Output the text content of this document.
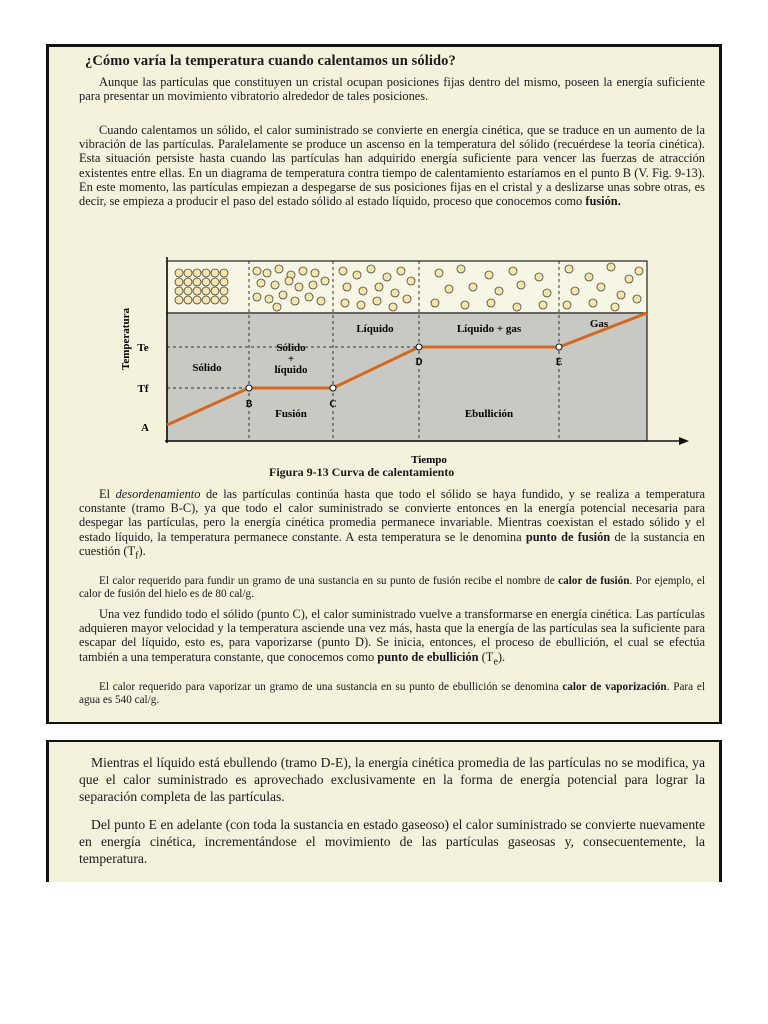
¿Cómo varía la temperatura cuando calentamos un sólido?
Aunque las partículas que constituyen un cristal ocupan posiciones fijas dentro del mismo, poseen la energía suficiente para presentar un movimiento vibratorio alrededor de tales posiciones.
Cuando calentamos un sólido, el calor suministrado se convierte en energía cinética, que se traduce en un aumento de la vibración de las partículas. Paralelamente se produce un ascenso en la temperatura del sólido (recuérdese la teoría cinética). Esta situación persiste hasta cuando las partículas han adquirido energía suficiente para vencer las fuerzas de atracción existentes entre ellas. En un diagrama de temperatura contra tiempo de calentamiento estaríamos en el punto B (V. Fig. 9-13). En este momento, las partículas empiezan a despegarse de sus posiciones fijas en el cristal y a deslizarse unas sobre otras, es decir, se empieza a producir el paso del estado sólido al estado líquido, proceso que conocemos como fusión.
Temperatura
Tiempo
Te
Tf
A
B	C
D	E
Sólido
Sólido
+
líquido
Líquido	Líquido + gas	Gas
Fusión	Ebullición
Figura 9-13 Curva de calentamiento
El desordenamiento de las partículas continúa hasta que todo el sólido se haya fundido, y se realiza a temperatura constante (tramo B-C), ya que todo el calor suministrado se convierte entonces en la energía potencial necesaria para despegar las partículas, pero la energía cinética promedia permanece invariable. Mientras coexistan el estado sólido y el estado líquido, la temperatura permanece constante. A esta temperatura se le denomina punto de fusión de la sustancia en cuestión $(T_f)$.
El calor requerido para fundir un gramo de una sustancia en su punto de fusión recibe el nombre de calor de fusión. Por ejemplo, el calor de fusión del hielo es de 80 cal/g.
Una vez fundido todo el sólido (punto C), el calor suministrado vuelve a transformarse en energía cinética. Las partículas adquieren mayor velocidad y la temperatura asciende una vez más, hasta que la energía de las partículas sea la suficiente para escapar del líquido, esto es, para vaporizarse (punto D). Se inicia, entonces, el proceso de ebullición, el cual se efectúa también a una temperatura constante, que conocemos como punto de ebullición $(T_e)$.
El calor requerido para vaporizar un gramo de una sustancia en su punto de ebullición se denomina calor de vaporización. Para el agua es 540 cal/g.
Mientras el líquido está ebullendo (tramo D-E), la energía cinética promedia de las partículas no se modifica, ya que el calor suministrado es aprovechado exclusivamente en la forma de energía potencial para lograr la separación completa de las partículas.
Del punto E en adelante (con toda la sustancia en estado gaseoso) el calor suministrado se convierte nuevamente en energía cinética, incrementándose el movimiento de las partículas gaseosas y, consecuentemente, la temperatura.
